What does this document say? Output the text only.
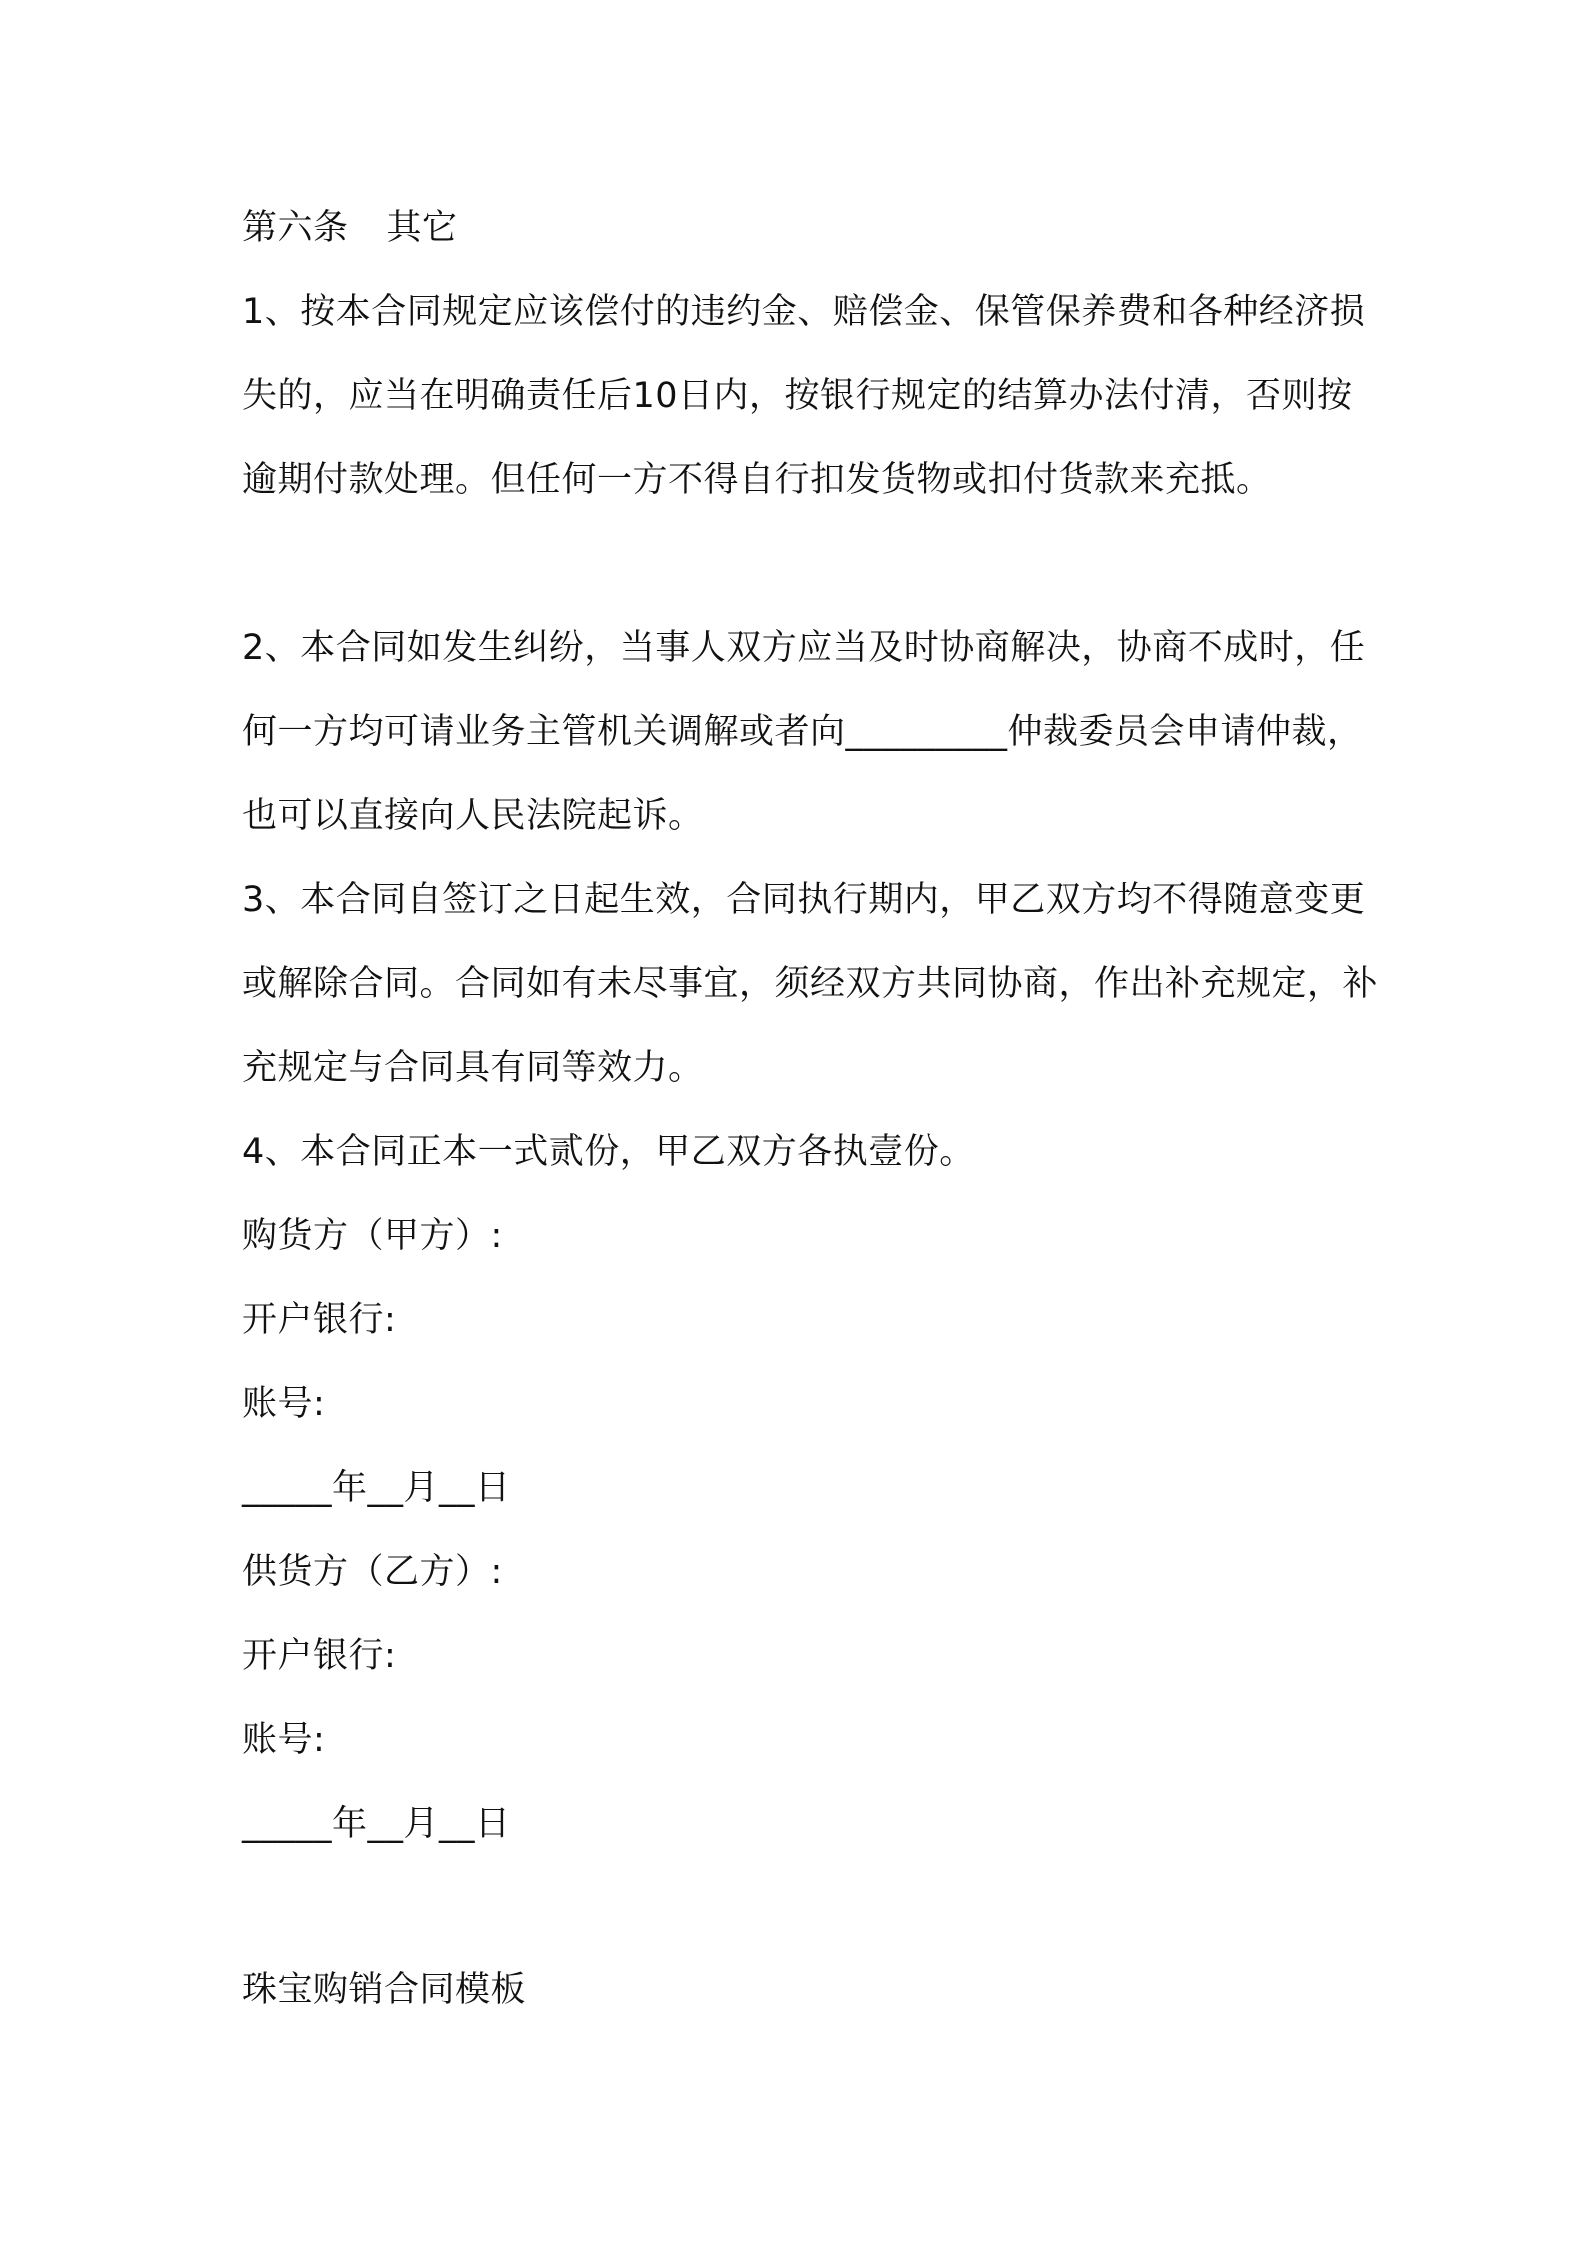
第六条 其它
1、按本合同规定应该偿付的违约金、赔偿金、保管保养费和各种经济损失的，应当在明确责任后10日内，按银行规定的结算办法付清，否则按逾期付款处理。但任何一方不得自行扣发货物或扣付货款来充抵。
2、本合同如发生纠纷，当事人双方应当及时协商解决，协商不成时，任何一方均可请业务主管机关调解或者向_________仲裁委员会申请仲裁，也可以直接向人民法院起诉。
3、本合同自签订之日起生效，合同执行期内，甲乙双方均不得随意变更或解除合同。合同如有未尽事宜，须经双方共同协商，作出补充规定，补充规定与合同具有同等效力。
4、本合同正本一式贰份，甲乙双方各执壹份。
购货方（甲方）:
开户银行:
账号:
_____年__月__日
供货方（乙方）:
开户银行:
账号:
_____年__月__日
珠宝购销合同模板
